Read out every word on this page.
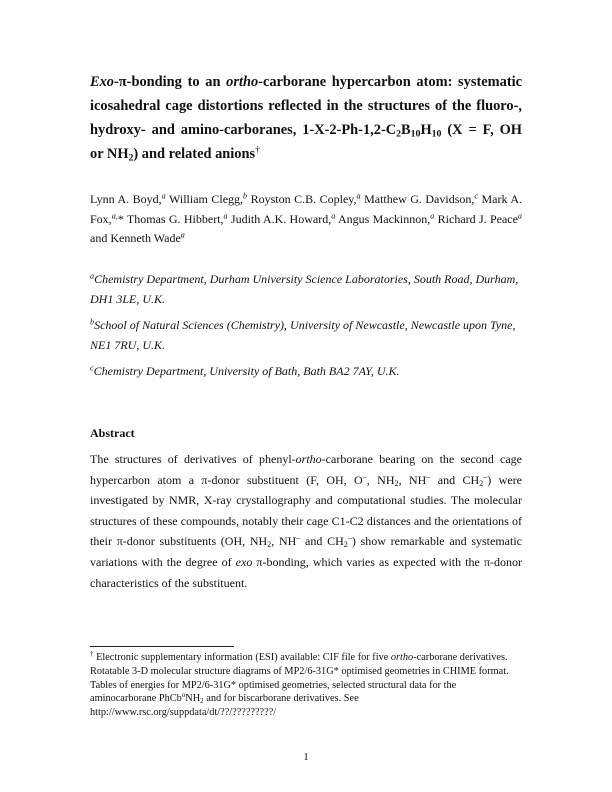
Exo-π-bonding to an ortho-carborane hypercarbon atom: systematic icosahedral cage distortions reflected in the structures of the fluoro-, hydroxy- and amino-carboranes, $1-X-2-Ph-1,2-C_2B_{10}H_{10}$ (X = F, OH or $NH_2$) and related anions†
Lynn A. Boyd,$^a$ William Clegg,$^b$ Royston C.B. Copley,$^a$ Matthew G. Davidson,$^c$ Mark A. Fox,$^{a,}$* Thomas G. Hibbert,$^a$ Judith A.K. Howard,$^a$ Angus Mackinnon,$^a$ Richard J. Peace$^a$ and Kenneth Wade$^a$

$^a$Chemistry Department, Durham University Science Laboratories, South Road, Durham, DH1 3LE, U.K.

$^b$School of Natural Sciences (Chemistry), University of Newcastle, Newcastle upon Tyne, NE1 7RU, U.K.

$^c$Chemistry Department, University of Bath, Bath BA2 7AY, U.K.

Abstract
The structures of derivatives of phenyl-ortho-carborane bearing on the second cage hypercarbon atom a π-donor substituent (F, OH, O–, $NH_2$, NH– and $CH_2^-$) were investigated by NMR, X-ray crystallography and computational studies. The molecular structures of these compounds, notably their cage C1-C2 distances and the orientations of their π-donor substituents (OH, $NH_2$, NH– and $CH_2^-$) show remarkable and systematic variations with the degree of exo π-bonding, which varies as expected with the π-donor characteristics of the substituent.
† Electronic supplementary information (ESI) available: CIF file for five ortho-carborane derivatives. Rotatable 3-D molecular structure diagrams of MP2/6-31G* optimised geometries in CHIME format. Tables of energies for MP2/6-31G* optimised geometries, selected structural data for the aminocarborane $PhCb^oNH_2$ and for biscarborane derivatives. See http://www.rsc.org/suppdata/dt/??/?????????/
1
